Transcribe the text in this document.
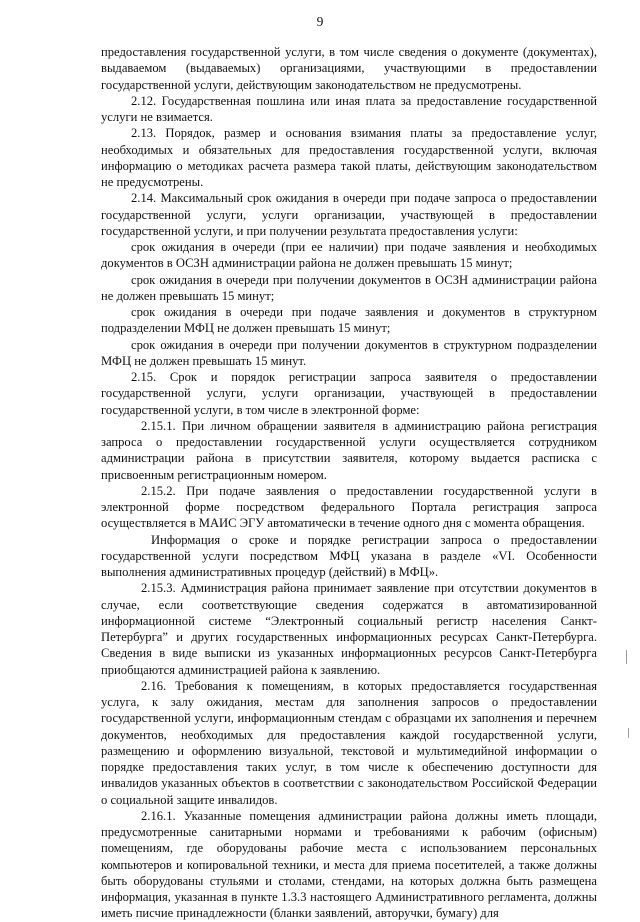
9

предоставления государственной услуги, в том числе сведения о документе (документах), выдаваемом (выдаваемых) организациями, участвующими в предоставлении государственной услуги, действующим законодательством не предусмотрены.

2.12. Государственная пошлина или иная плата за предоставление государственной услуги не взимается.

2.13. Порядок, размер и основания взимания платы за предоставление услуг, необходимых и обязательных для предоставления государственной услуги, включая информацию о методиках расчета размера такой платы, действующим законодательством не предусмотрены.

2.14. Максимальный срок ожидания в очереди при подаче запроса о предоставлении государственной услуги, услуги организации, участвующей в предоставлении государственной услуги, и при получении результата предоставления услуги:

срок ожидания в очереди (при ее наличии) при подаче заявления и необходимых документов в ОСЗН администрации района не должен превышать 15 минут;

срок ожидания в очереди при получении документов в ОСЗН администрации района не должен превышать 15 минут;

срок ожидания в очереди при подаче заявления и документов в структурном подразделении МФЦ не должен превышать 15 минут;

срок ожидания в очереди при получении документов в структурном подразделении МФЦ не должен превышать 15 минут.

2.15. Срок и порядок регистрации запроса заявителя о предоставлении государственной услуги, услуги организации, участвующей в предоставлении государственной услуги, в том числе в электронной форме:

2.15.1. При личном обращении заявителя в администрацию района регистрация запроса о предоставлении государственной услуги осуществляется сотрудником администрации района в присутствии заявителя, которому выдается расписка с присвоенным регистрационным номером.

2.15.2. При подаче заявления о предоставлении государственной услуги в электронной форме посредством федерального Портала регистрация запроса осуществляется в МАИС ЭГУ автоматически в течение одного дня с момента обращения.

Информация о сроке и порядке регистрации запроса о предоставлении государственной услуги посредством МФЦ указана в разделе «VI. Особенности выполнения административных процедур (действий) в МФЦ».

2.15.3. Администрация района принимает заявление при отсутствии документов в случае, если соответствующие сведения содержатся в автоматизированной информационной системе “Электронный социальный регистр населения Санкт-Петербурга” и других государственных информационных ресурсах Санкт-Петербурга. Сведения в виде выписки из указанных информационных ресурсов Санкт-Петербурга приобщаются администрацией района к заявлению.

2.16. Требования к помещениям, в которых предоставляется государственная услуга, к залу ожидания, местам для заполнения запросов о предоставлении государственной услуги, информационным стендам с образцами их заполнения и перечнем документов, необходимых для предоставления каждой государственной услуги, размещению и оформлению визуальной, текстовой и мультимедийной информации о порядке предоставления таких услуг, в том числе к обеспечению доступности для инвалидов указанных объектов в соответствии с законодательством Российской Федерации о социальной защите инвалидов.

2.16.1. Указанные помещения администрации района должны иметь площади, предусмотренные санитарными нормами и требованиями к рабочим (офисным) помещениям, где оборудованы рабочие места с использованием персональных компьютеров и копировальной техники, и места для приема посетителей, а также должны быть оборудованы стульями и столами, стендами, на которых должна быть размещена информация, указанная в пункте 1.3.3 настоящего Административного регламента, должны иметь писчие принадлежности (бланки заявлений, авторучки, бумагу) для
